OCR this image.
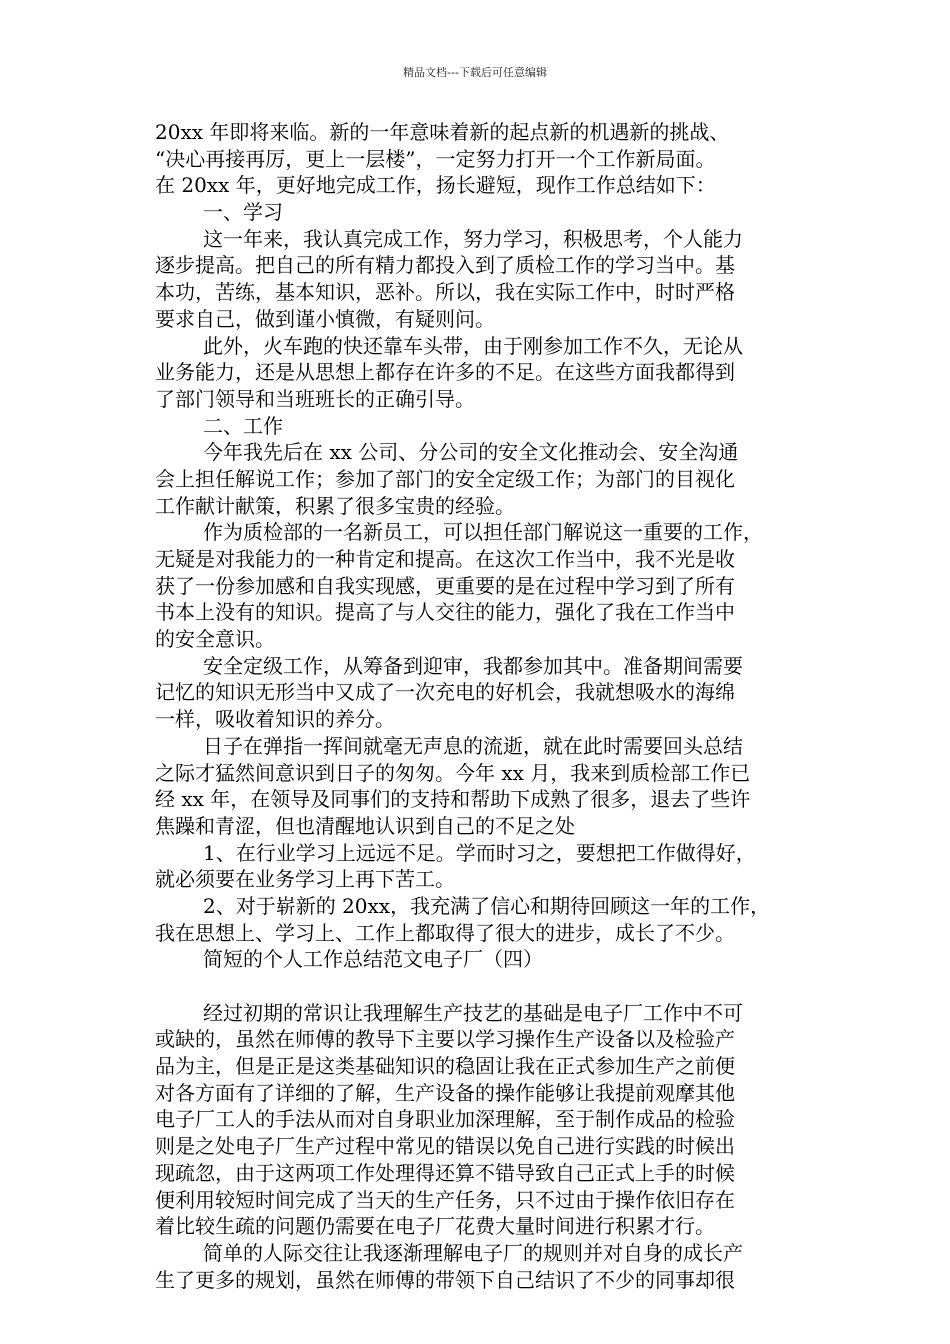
精品文档---下载后可任意编辑
20xx 年即将来临。新的一年意味着新的起点新的机遇新的挑战、
“决心再接再厉，更上一层楼”，一定努力打开一个工作新局面。
在 20xx 年，更好地完成工作，扬长避短，现作工作总结如下：
一、学习
这一年来，我认真完成工作，努力学习，积极思考，个人能力
逐步提高。把自己的所有精力都投入到了质检工作的学习当中。基
本功，苦练，基本知识，恶补。所以，我在实际工作中，时时严格
要求自己，做到谨小慎微，有疑则问。
此外，火车跑的快还靠车头带，由于刚参加工作不久，无论从
业务能力，还是从思想上都存在许多的不足。在这些方面我都得到
了部门领导和当班班长的正确引导。
二、工作
今年我先后在 xx 公司、分公司的安全文化推动会、安全沟通
会上担任解说工作；参加了部门的安全定级工作；为部门的目视化
工作献计献策，积累了很多宝贵的经验。
作为质检部的一名新员工，可以担任部门解说这一重要的工作，
无疑是对我能力的一种肯定和提高。在这次工作当中，我不光是收
获了一份参加感和自我实现感，更重要的是在过程中学习到了所有
书本上没有的知识。提高了与人交往的能力，强化了我在工作当中
的安全意识。
安全定级工作，从筹备到迎审，我都参加其中。准备期间需要
记忆的知识无形当中又成了一次充电的好机会，我就想吸水的海绵
一样，吸收着知识的养分。
日子在弹指一挥间就毫无声息的流逝，就在此时需要回头总结
之际才猛然间意识到日子的匆匆。今年 xx 月，我来到质检部工作已
经 xx 年，在领导及同事们的支持和帮助下成熟了很多，退去了些许
焦躁和青涩，但也清醒地认识到自己的不足之处
1、在行业学习上远远不足。学而时习之，要想把工作做得好，
就必须要在业务学习上再下苦工。
2、对于崭新的 20xx，我充满了信心和期待回顾这一年的工作，
我在思想上、学习上、工作上都取得了很大的进步，成长了不少。
简短的个人工作总结范文电子厂（四）
经过初期的常识让我理解生产技艺的基础是电子厂工作中不可
或缺的，虽然在师傅的教导下主要以学习操作生产设备以及检验产
品为主，但是正是这类基础知识的稳固让我在正式参加生产之前便
对各方面有了详细的了解，生产设备的操作能够让我提前观摩其他
电子厂工人的手法从而对自身职业加深理解，至于制作成品的检验
则是之处电子厂生产过程中常见的错误以免自己进行实践的时候出
现疏忽，由于这两项工作处理得还算不错导致自己正式上手的时候
便利用较短时间完成了当天的生产任务，只不过由于操作依旧存在
着比较生疏的问题仍需要在电子厂花费大量时间进行积累才行。
简单的人际交往让我逐渐理解电子厂的规则并对自身的成长产
生了更多的规划，虽然在师傅的带领下自己结识了不少的同事却很
